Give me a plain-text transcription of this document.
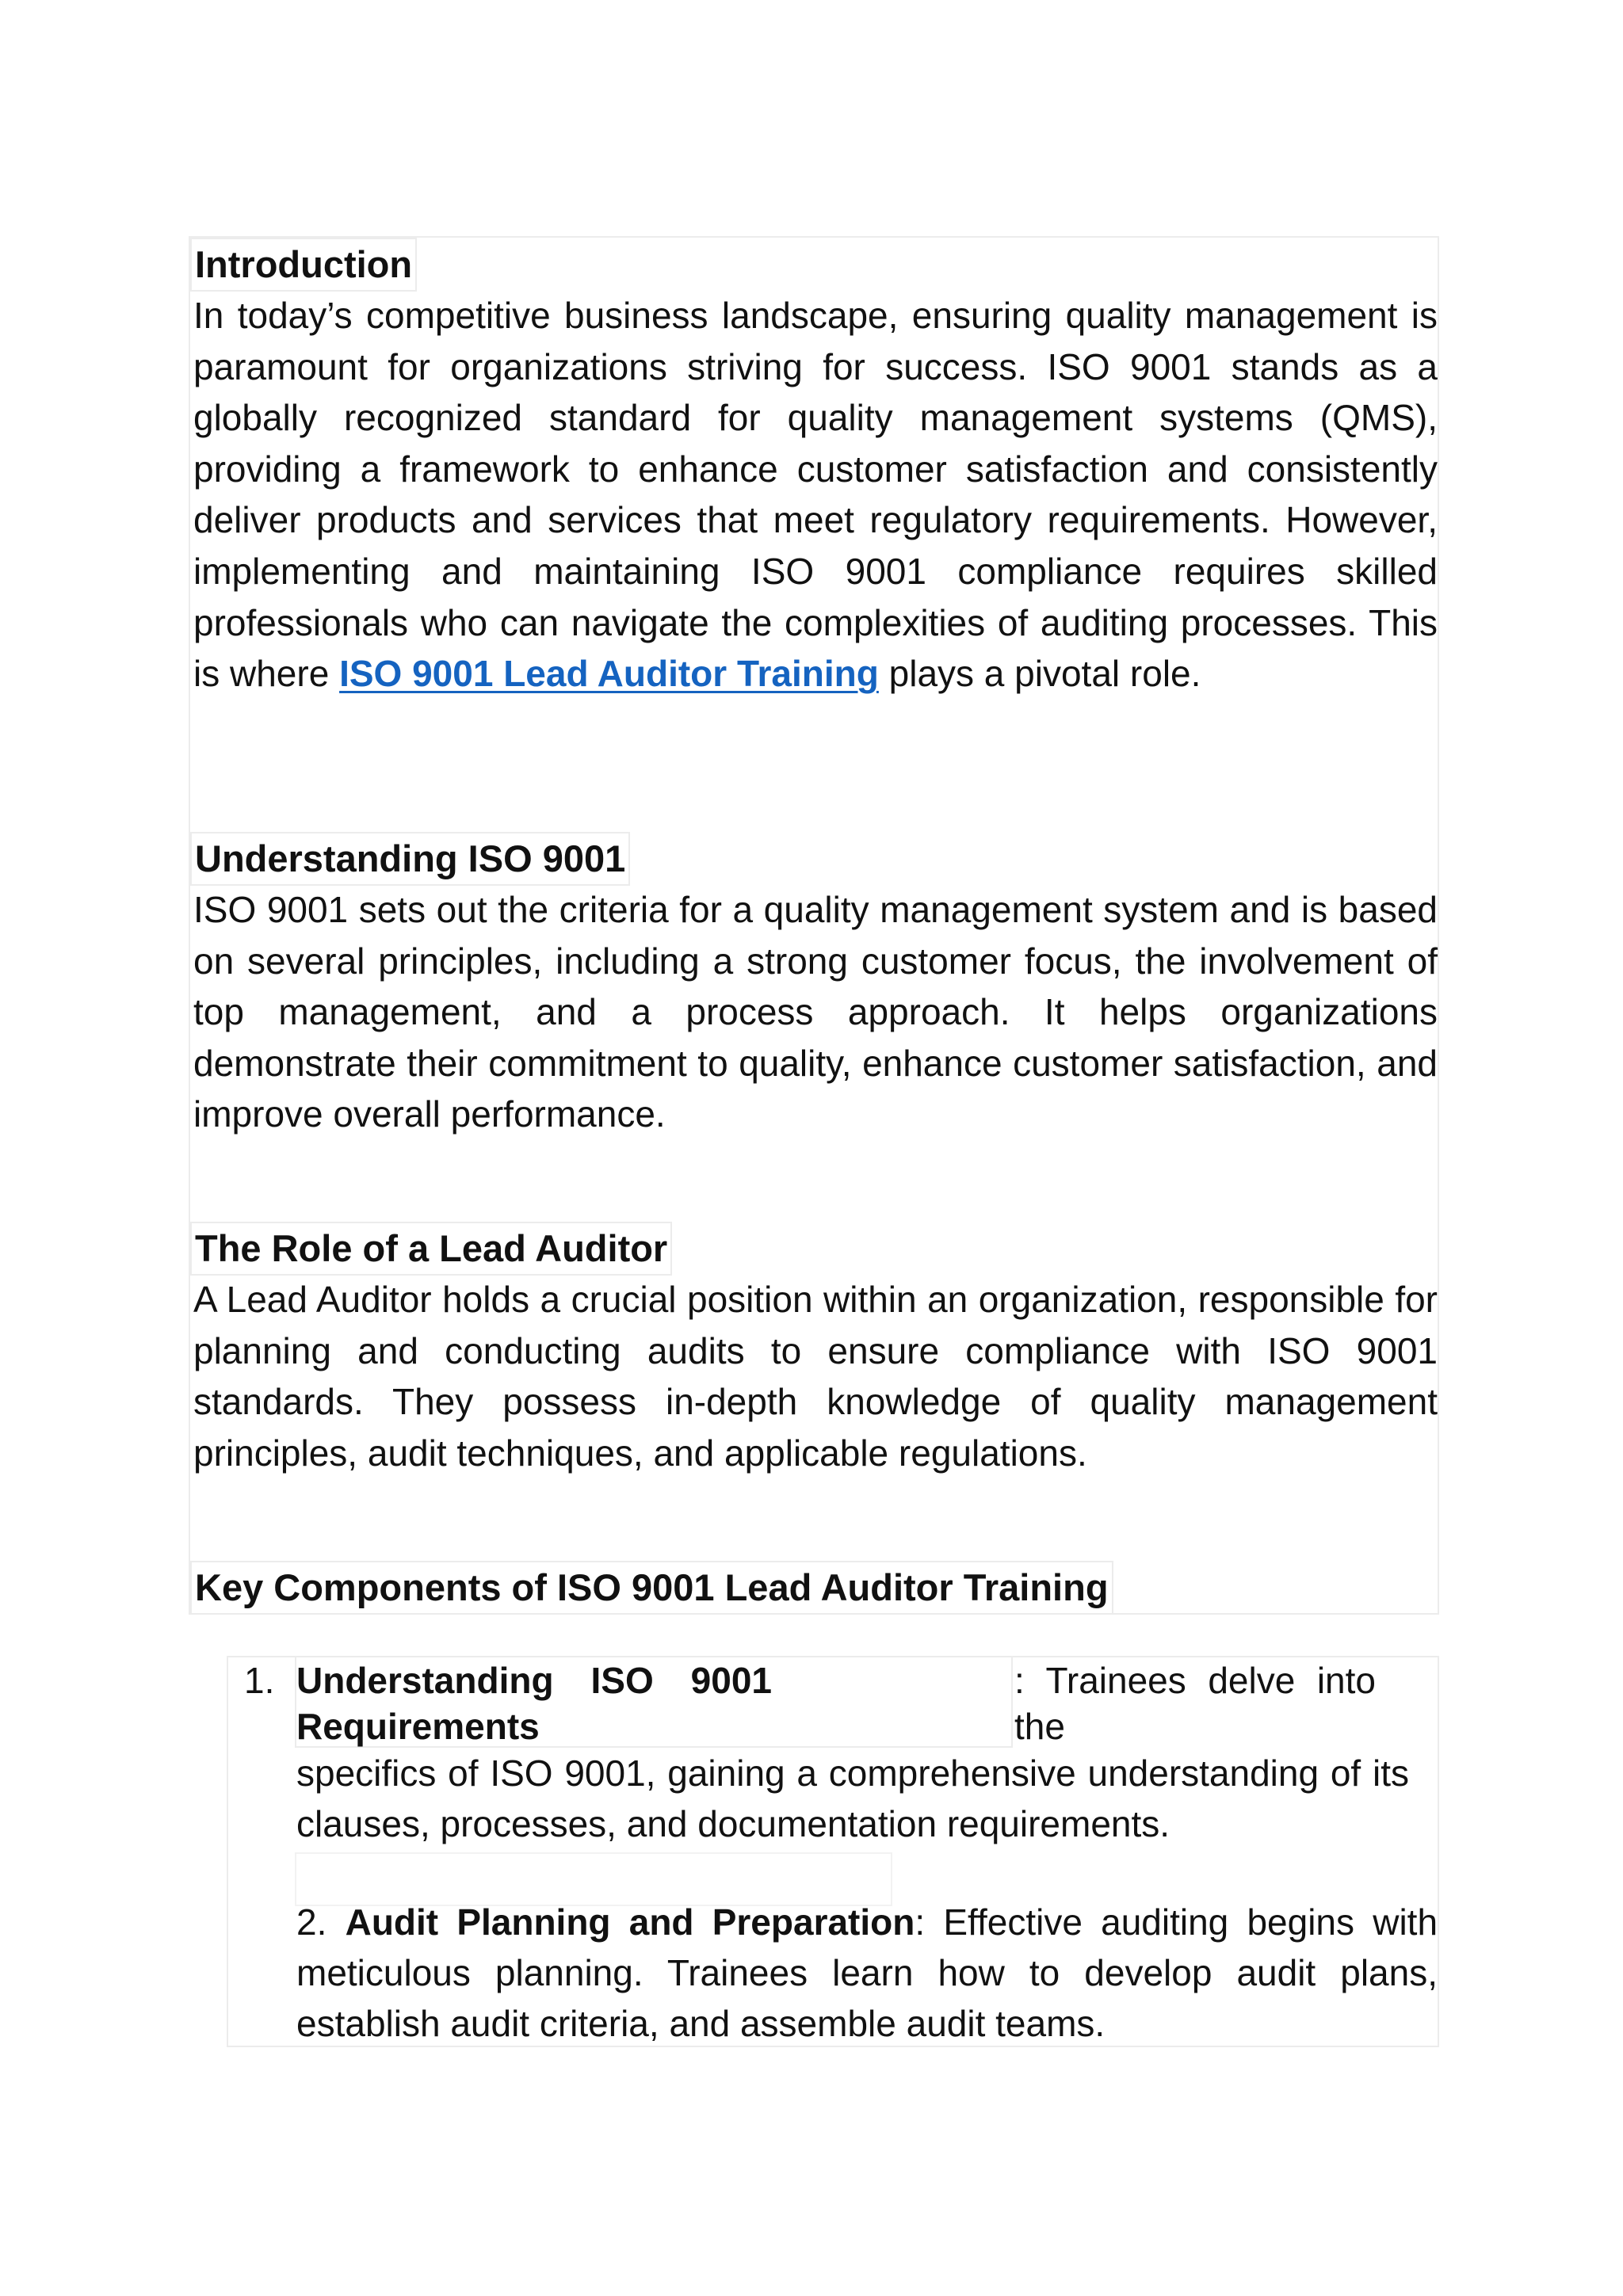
Introduction

In today’s competitive business landscape, ensuring quality management is paramount for organizations striving for success. ISO 9001 stands as a globally recognized standard for quality management systems (QMS), providing a framework to enhance customer satisfaction and consistently deliver products and services that meet regulatory requirements. However, implementing and maintaining ISO 9001 compliance requires skilled professionals who can navigate the complexities of auditing processes. This is where ISO 9001 Lead Auditor Training plays a pivotal role.

Understanding ISO 9001

ISO 9001 sets out the criteria for a quality management system and is based on several principles, including a strong customer focus, the involvement of top management, and a process approach. It helps organizations demonstrate their commitment to quality, enhance customer satisfaction, and improve overall performance.

The Role of a Lead Auditor

A Lead Auditor holds a crucial position within an organization, responsible for planning and conducting audits to ensure compliance with ISO 9001 standards. They possess in-depth knowledge of quality management principles, audit techniques, and applicable regulations.

Key Components of ISO 9001 Lead Auditor Training
1. Understanding ISO 9001 Requirements

: Trainees delve into the

specifics of ISO 9001, gaining a comprehensive understanding of its clauses, processes, and documentation requirements.

2. Audit Planning and Preparation: Effective auditing begins with meticulous planning. Trainees learn how to develop audit plans, establish audit criteria, and assemble audit teams.
